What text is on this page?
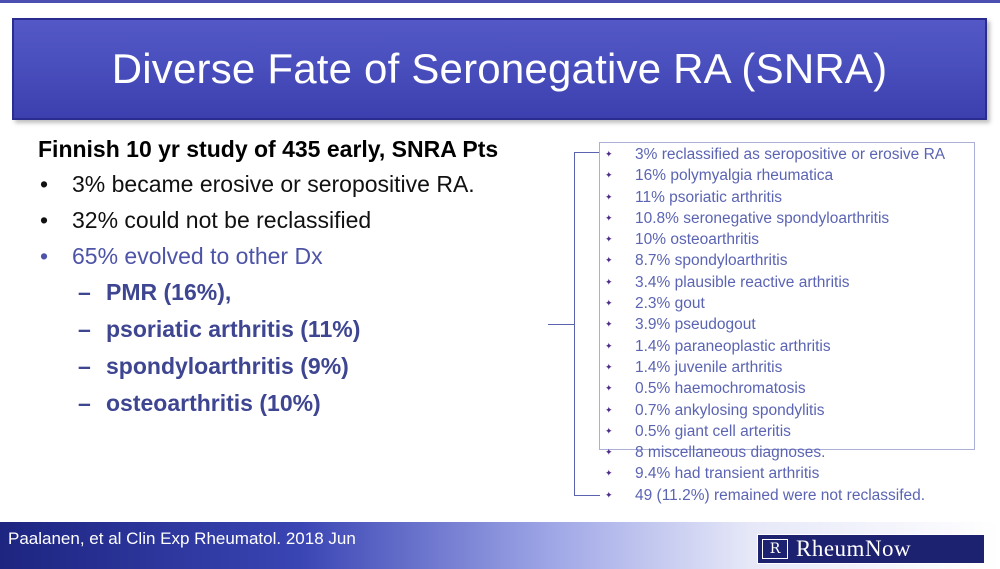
Diverse Fate of Seronegative RA (SNRA)
Finnish 10 yr study of 435 early, SNRA Pts
• 3% became erosive or seropositive RA.
• 32% could not be reclassified
• 65% evolved to other Dx
– PMR (16%),
– psoriatic arthritis (11%)
– spondyloarthritis (9%)
– osteoarthritis (10%)
✦ 3% reclassified as seropositive or erosive RA
✦ 16% polymyalgia rheumatica
✦ 11% psoriatic arthritis
✦ 10.8% seronegative spondyloarthritis
✦ 10% osteoarthritis
✦ 8.7% spondyloarthritis
✦ 3.4% plausible reactive arthritis
✦ 2.3% gout
✦ 3.9% pseudogout
✦ 1.4% paraneoplastic arthritis
✦ 1.4% juvenile arthritis
✦ 0.5% haemochromatosis
✦ 0.7% ankylosing spondylitis
✦ 0.5% giant cell arteritis
✦ 8 miscellaneous diagnoses.
✦ 9.4% had transient arthritis
✦ 49 (11.2%) remained were not reclassifed.
Paalanen, et al Clin Exp Rheumatol. 2018 Jun
R RheumNow
